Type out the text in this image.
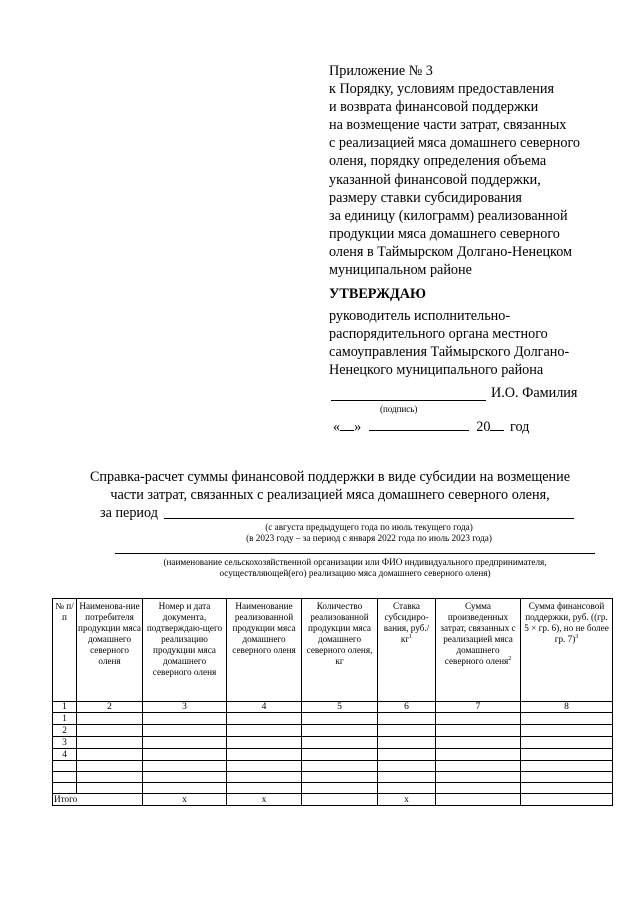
Приложение № 3
к Порядку, условиям предоставления
и возврата финансовой поддержки
на возмещение части затрат, связанных
с реализацией мяса домашнего северного
оленя, порядку определения объема
указанной финансовой поддержки,
размеру ставки субсидирования
за единицу (килограмм) реализованной
продукции мяса домашнего северного
оленя в Таймырском Долгано-Ненецком
муниципальном районе
УТВЕРЖДАЮ
руководитель исполнительно-
распорядительного органа местного
самоуправления Таймырского Долгано-
Ненецкого муниципального района
И.О. Фамилия
(подпись)
« »	20 год
Справка-расчет суммы финансовой поддержки в виде субсидии на возмещение
части затрат, связанных с реализацией мяса домашнего северного оленя,
за период
(с августа предыдущего года по июль текущего года)
(в 2023 году – за период с января 2022 года по июль 2023 года)
(наименование сельскохозяйственной организации или ФИО индивидуального предпринимателя,
осуществляющей(его) реализацию мяса домашнего северного оленя)
№ п/п	Наименова-ние потребителя продукции мяса домашнего северного оленя	Номер и дата документа, подтверждаю-щего реализацию продукции мяса домашнего северного оленя	Наименование реализованной продукции мяса домашнего северного оленя	Количество реализованной продукции мяса домашнего северного оленя, кг	Ставка субсидиро-вания, $руб./кг^1$	Сумма произведенных затрат, связанных с реализацией мяса домашнего северного оленя$^2$	Сумма финансовой поддержки, руб. ((гр. 5 × гр. 6), но не более гр. 7)$^3$
1	2	3	4	5	6	7	8
1							
2							
3							
4							

Итого		x	x		x		
